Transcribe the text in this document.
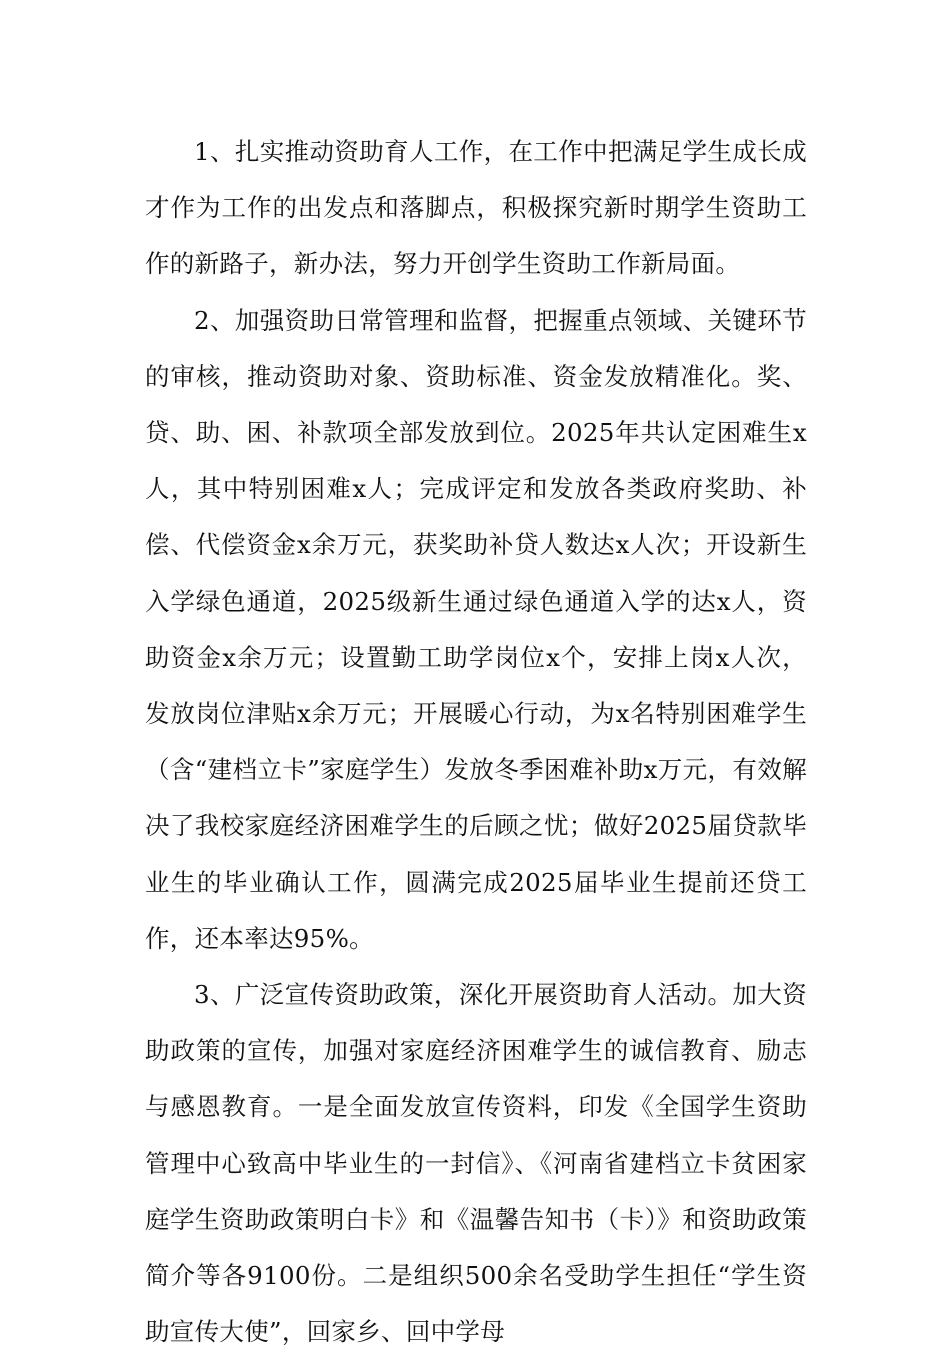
1、扎实推动资助育人工作，在工作中把满足学生成长成才作为工作的出发点和落脚点，积极探究新时期学生资助工作的新路子，新办法，努力开创学生资助工作新局面。

2、加强资助日常管理和监督，把握重点领域、关键环节的审核，推动资助对象、资助标准、资金发放精准化。奖、贷、助、困、补款项全部发放到位。2025年共认定困难生x人，其中特别困难x人；完成评定和发放各类政府奖助、补偿、代偿资金x余万元，获奖助补贷人数达x人次；开设新生入学绿色通道，2025级新生通过绿色通道入学的达x人，资助资金x余万元；设置勤工助学岗位x个，安排上岗x人次，发放岗位津贴x余万元；开展暖心行动，为x名特别困难学生（含“建档立卡”家庭学生）发放冬季困难补助x万元，有效解决了我校家庭经济困难学生的后顾之忧；做好2025届贷款毕业生的毕业确认工作，圆满完成2025届毕业生提前还贷工作，还本率达95%。

3、广泛宣传资助政策，深化开展资助育人活动。加大资助政策的宣传，加强对家庭经济困难学生的诚信教育、励志与感恩教育。一是全面发放宣传资料，印发《全国学生资助管理中心致高中毕业生的一封信》、《河南省建档立卡贫困家庭学生资助政策明白卡》和《温馨告知书（卡）》和资助政策简介等各9100份。二是组织500余名受助学生担任“学生资助宣传大使”，回家乡、回中学母
